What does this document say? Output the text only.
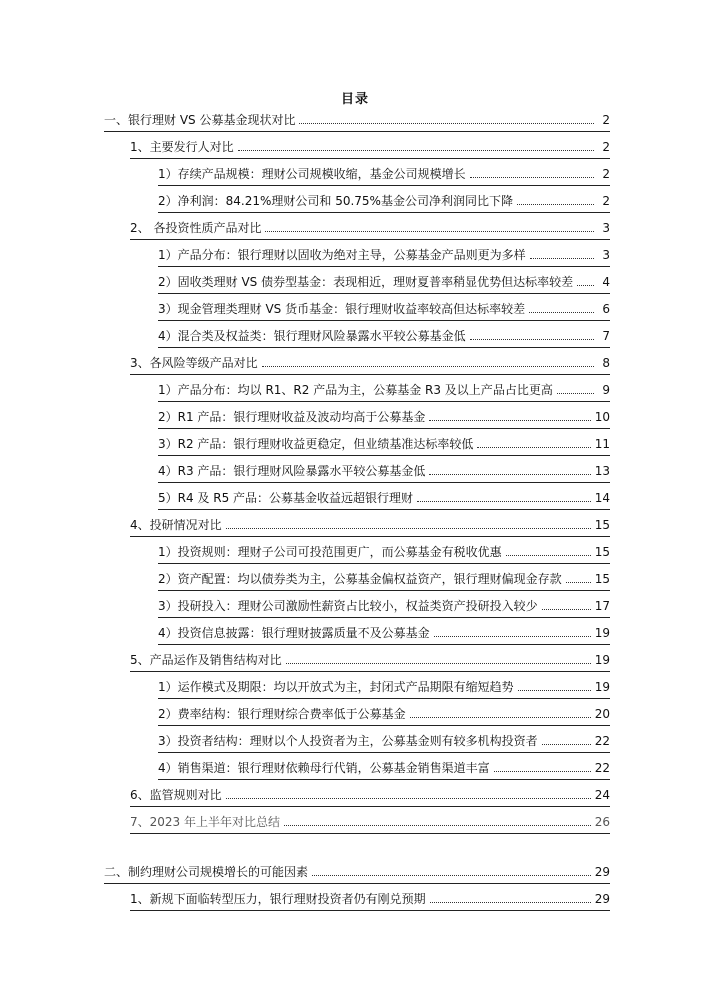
目录
一、银行理财 VS 公募基金现状对比	2
1、主要发行人对比	2
1）存续产品规模：理财公司规模收缩，基金公司规模增长	2
2）净利润：84.21%理财公司和 50.75%基金公司净利润同比下降	2
2、 各投资性质产品对比	3
1）产品分布：银行理财以固收为绝对主导，公募基金产品则更为多样	3
2）固收类理财 VS 债券型基金：表现相近，理财夏普率稍显优势但达标率较差	4
3）现金管理类理财 VS 货币基金：银行理财收益率较高但达标率较差	6
4）混合类及权益类：银行理财风险暴露水平较公募基金低	7
3、各风险等级产品对比	8
1）产品分布：均以 R1、R2 产品为主，公募基金 R3 及以上产品占比更高	9
2）R1 产品：银行理财收益及波动均高于公募基金	10
3）R2 产品：银行理财收益更稳定，但业绩基准达标率较低	11
4）R3 产品：银行理财风险暴露水平较公募基金低	13
5）R4 及 R5 产品：公募基金收益远超银行理财	14
4、投研情况对比	15
1）投资规则：理财子公司可投范围更广，而公募基金有税收优惠	15
2）资产配置：均以债券类为主，公募基金偏权益资产，银行理财偏现金存款	15
3）投研投入：理财公司激励性薪资占比较小，权益类资产投研投入较少	17
4）投资信息披露：银行理财披露质量不及公募基金	19
5、产品运作及销售结构对比	19
1）运作模式及期限：均以开放式为主，封闭式产品期限有缩短趋势	19
2）费率结构：银行理财综合费率低于公募基金	20
3）投资者结构：理财以个人投资者为主，公募基金则有较多机构投资者	22
4）销售渠道：银行理财依赖母行代销，公募基金销售渠道丰富	22
6、监管规则对比	24
7、2023 年上半年对比总结	26
二、制约理财公司规模增长的可能因素	29
1、新规下面临转型压力，银行理财投资者仍有刚兑预期	29
